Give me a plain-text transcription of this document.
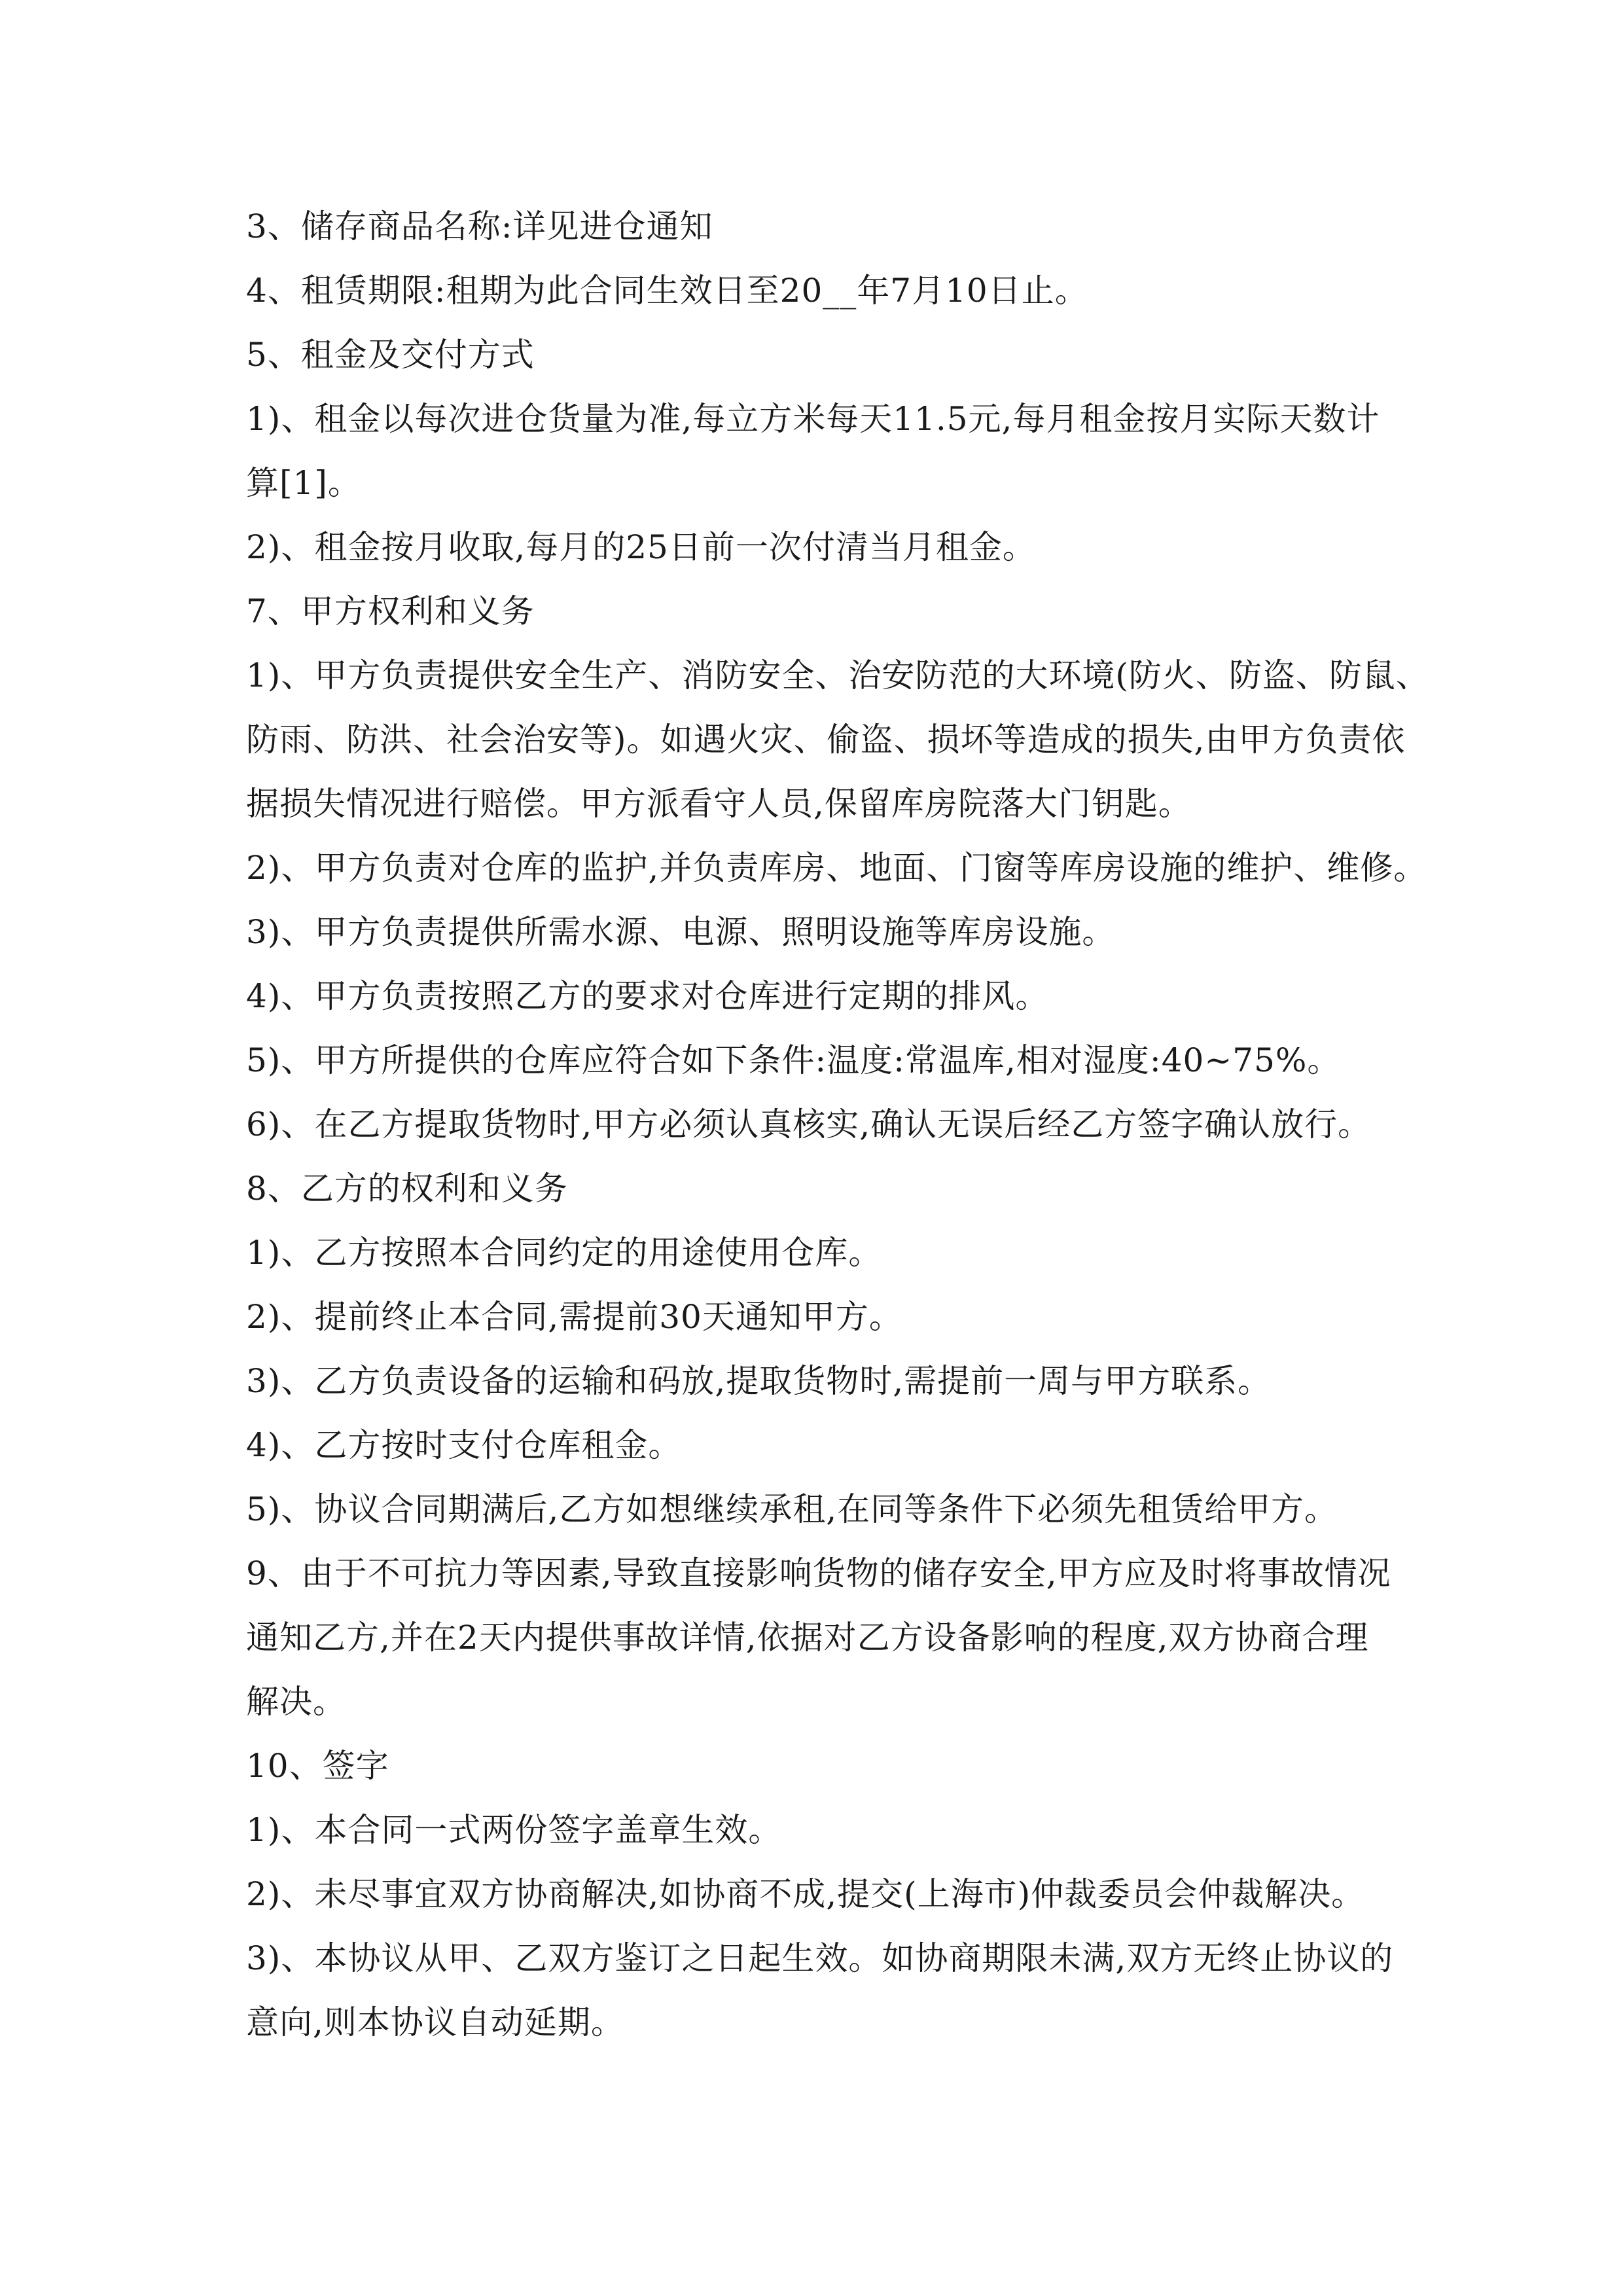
3、储存商品名称:详见进仓通知
4、租赁期限:租期为此合同生效日至20__年7月10日止。
5、租金及交付方式
1)、租金以每次进仓货量为准,每立方米每天11.5元,每月租金按月实际天数计
算[1]。
2)、租金按月收取,每月的25日前一次付清当月租金。
7、甲方权利和义务
1)、甲方负责提供安全生产、消防安全、治安防范的大环境(防火、防盗、防鼠、
防雨、防洪、社会治安等)。如遇火灾、偷盗、损坏等造成的损失,由甲方负责依
据损失情况进行赔偿。甲方派看守人员,保留库房院落大门钥匙。
2)、甲方负责对仓库的监护,并负责库房、地面、门窗等库房设施的维护、维修。
3)、甲方负责提供所需水源、电源、照明设施等库房设施。
4)、甲方负责按照乙方的要求对仓库进行定期的排风。
5)、甲方所提供的仓库应符合如下条件:温度:常温库,相对湿度:40~75%。
6)、在乙方提取货物时,甲方必须认真核实,确认无误后经乙方签字确认放行。
8、乙方的权利和义务
1)、乙方按照本合同约定的用途使用仓库。
2)、提前终止本合同,需提前30天通知甲方。
3)、乙方负责设备的运输和码放,提取货物时,需提前一周与甲方联系。
4)、乙方按时支付仓库租金。
5)、协议合同期满后,乙方如想继续承租,在同等条件下必须先租赁给甲方。
9、由于不可抗力等因素,导致直接影响货物的储存安全,甲方应及时将事故情况
通知乙方,并在2天内提供事故详情,依据对乙方设备影响的程度,双方协商合理
解决。
10、签字
1)、本合同一式两份签字盖章生效。
2)、未尽事宜双方协商解决,如协商不成,提交(上海市)仲裁委员会仲裁解决。
3)、本协议从甲、乙双方鉴订之日起生效。如协商期限未满,双方无终止协议的
意向,则本协议自动延期。
